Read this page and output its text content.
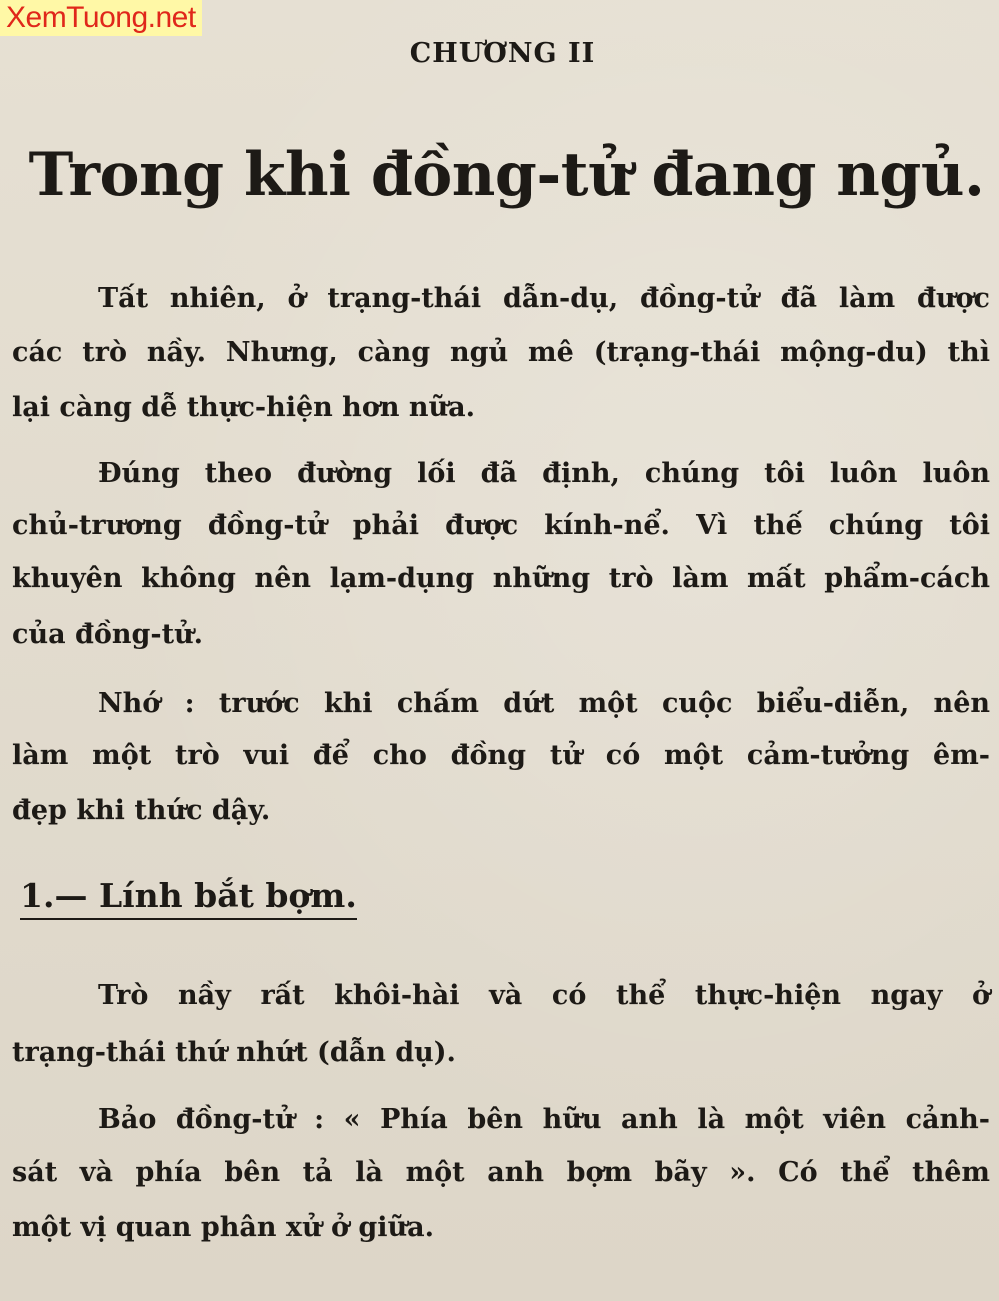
XemTuong.net
CHƯƠNG II
Trong khi đồng-tử đang ngủ.
Tất nhiên, ở trạng-thái dẫn-dụ, đồng-tử đã làm được
các trò nầy. Nhưng, càng ngủ mê (trạng-thái mộng-du) thì
lại càng dễ thực-hiện hơn nữa.
Đúng theo đường lối đã định, chúng tôi luôn luôn
chủ-trương đồng-tử phải được kính-nể. Vì thế chúng tôi
khuyên không nên lạm-dụng những trò làm mất phẩm-cách
của đồng-tử.
Nhớ : trước khi chấm dứt một cuộc biểu-diễn, nên
làm một trò vui để cho đồng tử có một cảm-tưởng êm-
đẹp khi thức dậy.
1.— Lính bắt bợm.
Trò nầy rất khôi-hài và có thể thực-hiện ngay ở
trạng-thái thứ nhứt (dẫn dụ).
Bảo đồng-tử : « Phía bên hữu anh là một viên cảnh-
sát và phía bên tả là một anh bợm bãy ». Có thể thêm
một vị quan phân xử ở giữa.
